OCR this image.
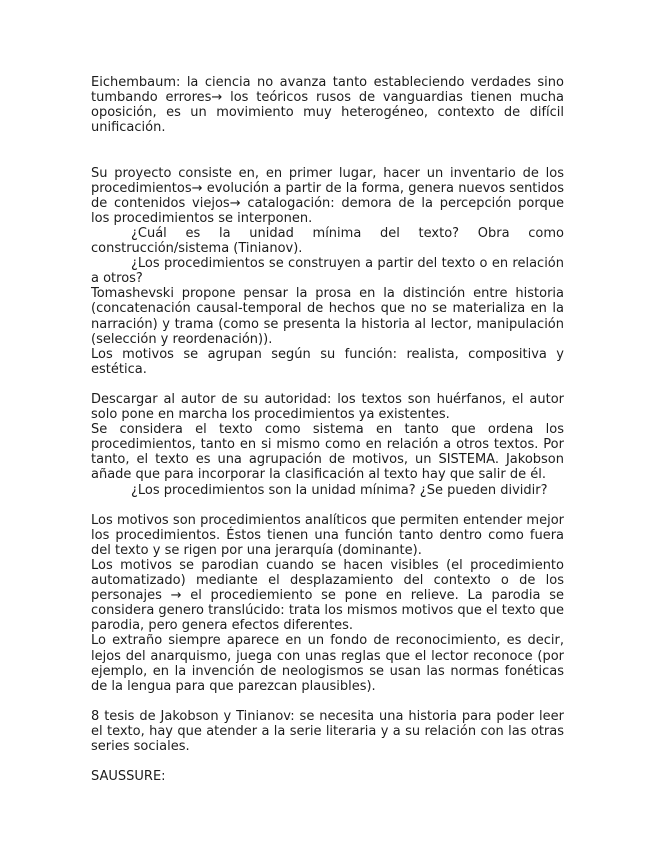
Eichembaum: la ciencia no avanza tanto estableciendo verdades sino tumbando errores→ los teóricos rusos de vanguardias tienen mucha oposición, es un movimiento muy heterogéneo, contexto de difícil unificación.

Su proyecto consiste en, en primer lugar, hacer un inventario de los procedimientos→ evolución a partir de la forma, genera nuevos sentidos de contenidos viejos→ catalogación: demora de la percepción porque los procedimientos se interponen.

¿Cuál es la unidad mínima del texto? Obra como construcción/sistema (Tinianov).

¿Los procedimientos se construyen a partir del texto o en relación a otros?

Tomashevski propone pensar la prosa en la distinción entre historia (concatenación causal-temporal de hechos que no se materializa en la narración) y trama (como se presenta la historia al lector, manipulación (selección y reordenación)).

Los motivos se agrupan según su función: realista, compositiva y estética.

Descargar al autor de su autoridad: los textos son huérfanos, el autor solo pone en marcha los procedimientos ya existentes.

Se considera el texto como sistema en tanto que ordena los procedimientos, tanto en si mismo como en relación a otros textos. Por tanto, el texto es una agrupación de motivos, un SISTEMA. Jakobson añade que para incorporar la clasificación al texto hay que salir de él.

¿Los procedimientos son la unidad mínima? ¿Se pueden dividir?

Los motivos son procedimientos analíticos que permiten entender mejor los procedimientos. Éstos tienen una función tanto dentro como fuera del texto y se rigen por una jerarquía (dominante).

Los motivos se parodian cuando se hacen visibles (el procedimiento automatizado) mediante el desplazamiento del contexto o de los personajes → el procediemiento se pone en relieve. La parodia se considera genero translúcido: trata los mismos motivos que el texto que parodia, pero genera efectos diferentes.

Lo extraño siempre aparece en un fondo de reconocimiento, es decir, lejos del anarquismo, juega con unas reglas que el lector reconoce (por ejemplo, en la invención de neologismos se usan las normas fonéticas de la lengua para que parezcan plausibles).

8 tesis de Jakobson y Tinianov: se necesita una historia para poder leer el texto, hay que atender a la serie literaria y a su relación con las otras series sociales.

SAUSSURE:
